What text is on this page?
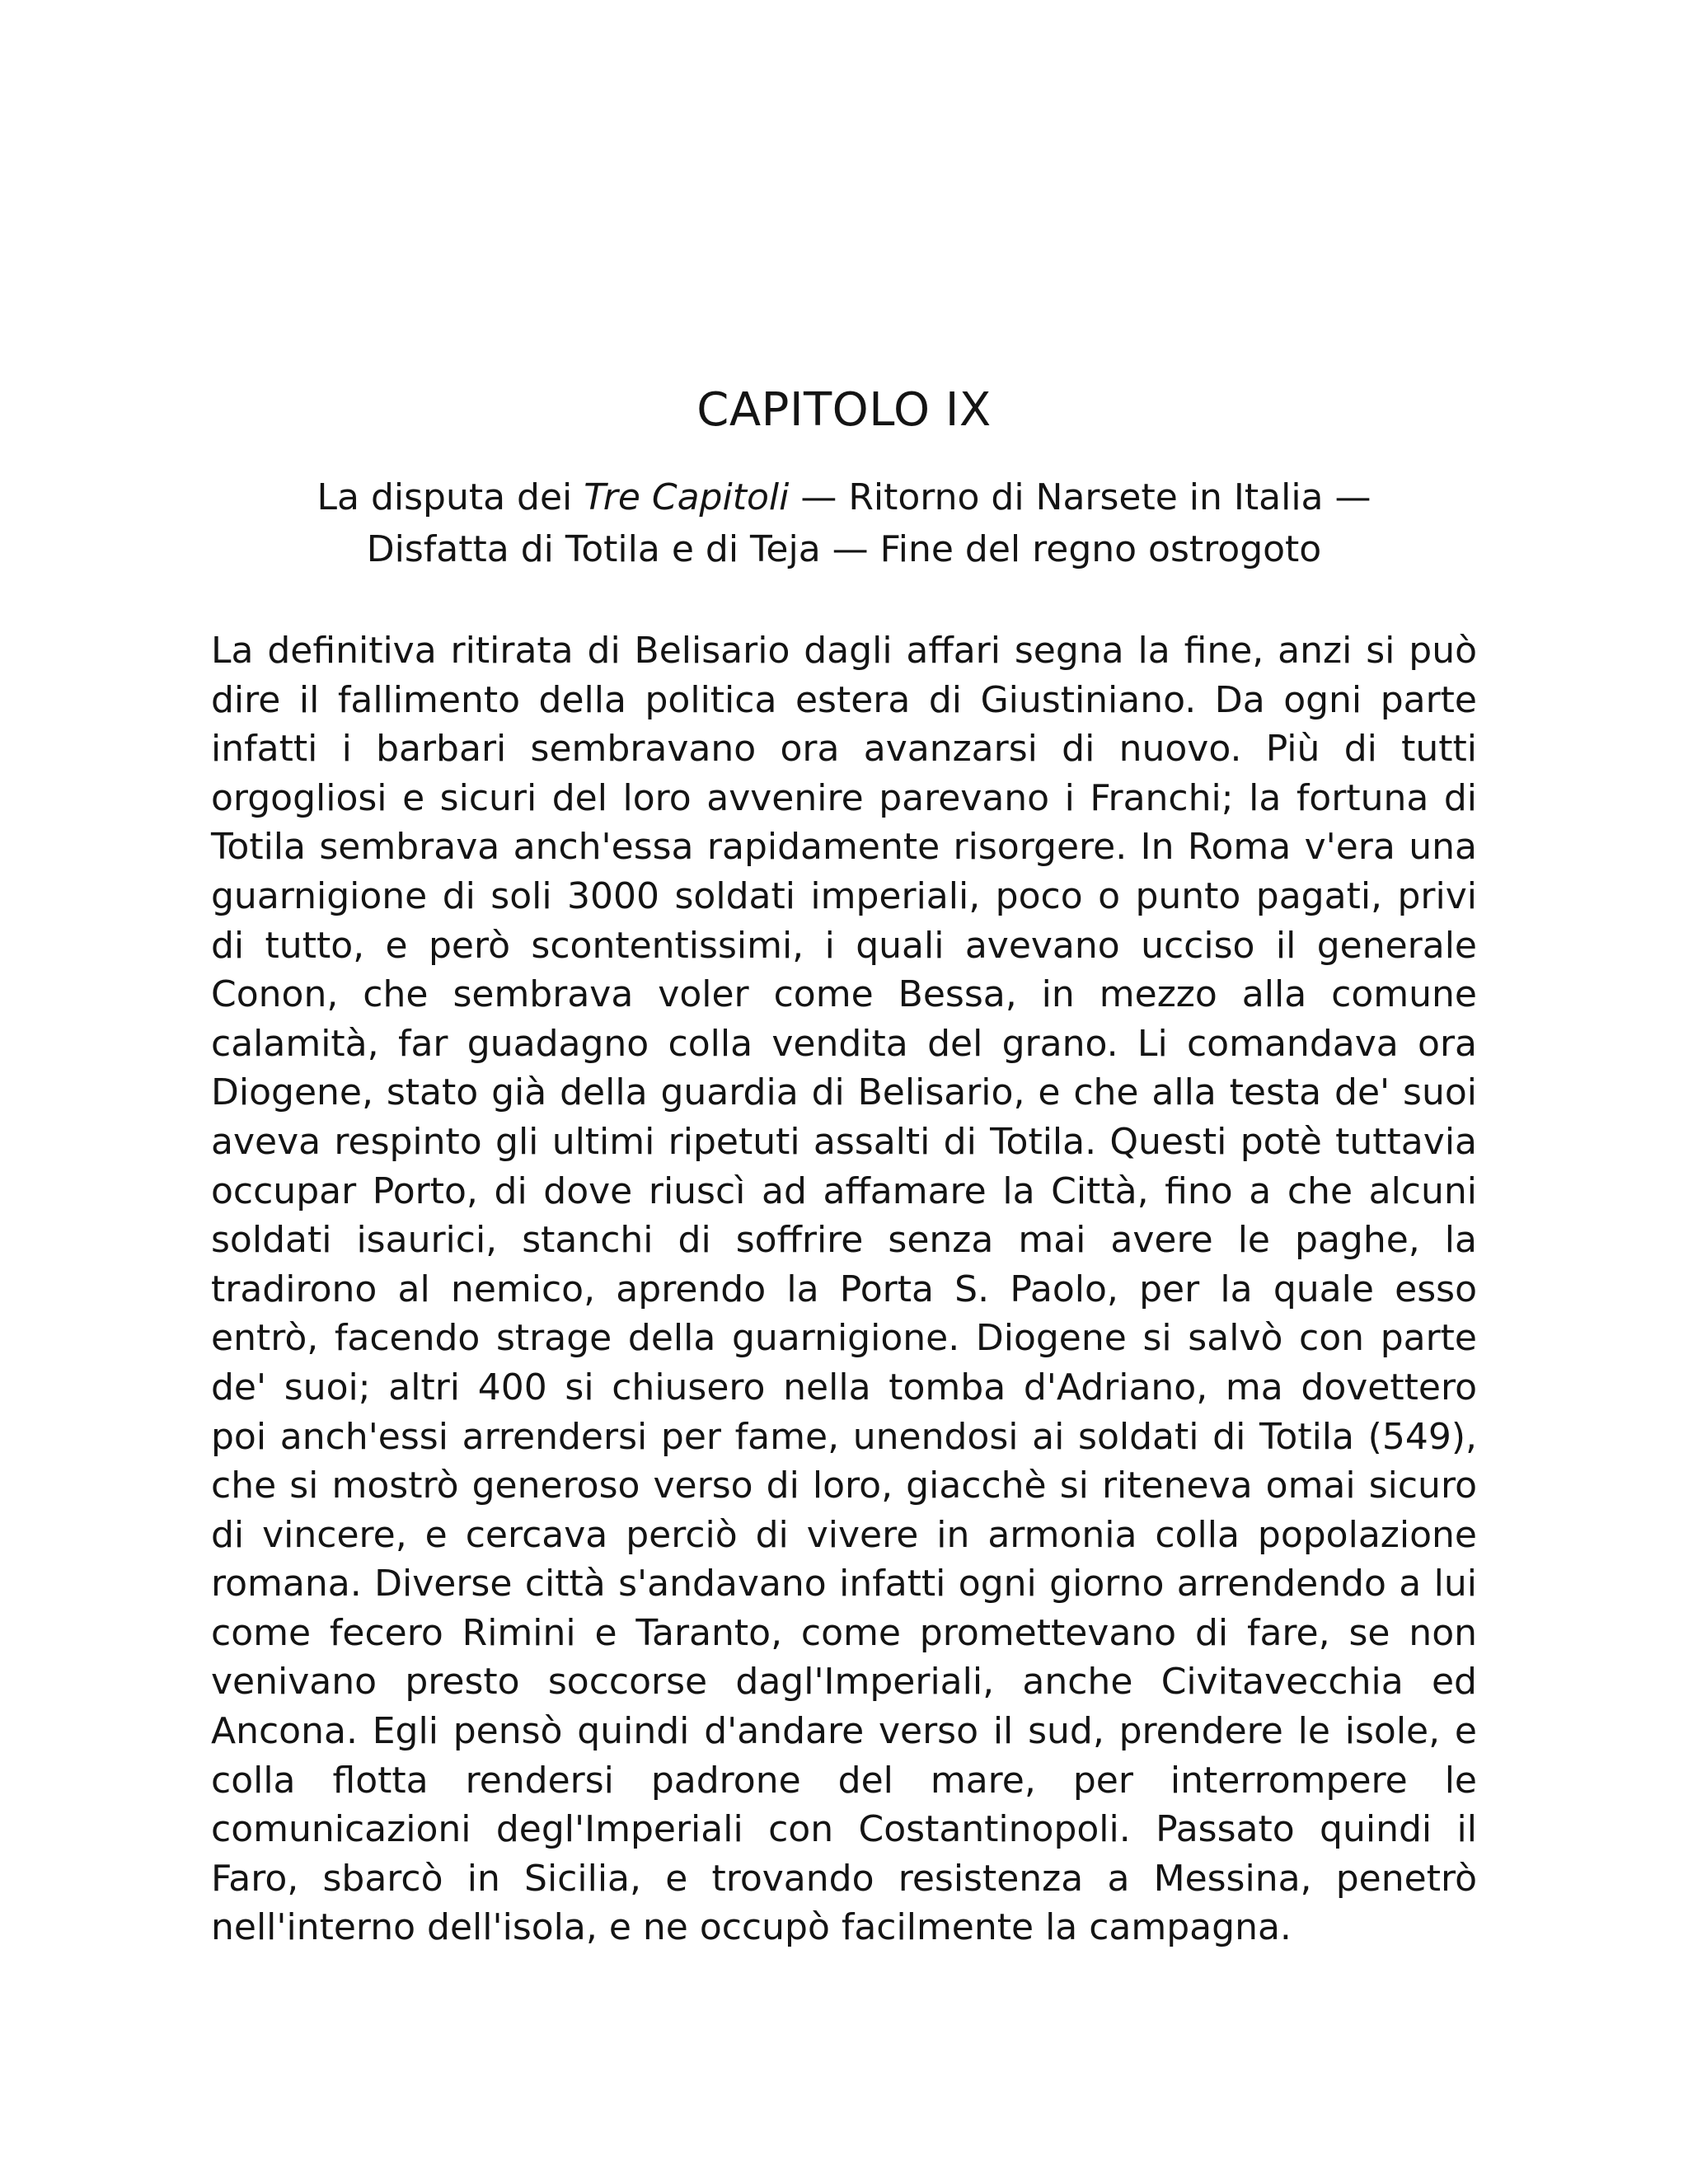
CAPITOLO IX
La disputa dei Tre Capitoli — Ritorno di Narsete in Italia —
Disfatta di Totila e di Teja — Fine del regno ostrogoto
La definitiva ritirata di Belisario dagli affari segna la fine, anzi si può
dire il fallimento della politica estera di Giustiniano. Da ogni parte
infatti i barbari sembravano ora avanzarsi di nuovo. Più di tutti
orgogliosi e sicuri del loro avvenire parevano i Franchi; la fortuna di
Totila sembrava anch'essa rapidamente risorgere. In Roma v'era una
guarnigione di soli 3000 soldati imperiali, poco o punto pagati, privi
di tutto, e però scontentissimi, i quali avevano ucciso il generale
Conon, che sembrava voler come Bessa, in mezzo alla comune
calamità, far guadagno colla vendita del grano. Li comandava ora
Diogene, stato già della guardia di Belisario, e che alla testa de' suoi
aveva respinto gli ultimi ripetuti assalti di Totila. Questi potè tuttavia
occupar Porto, di dove riuscì ad affamare la Città, fino a che alcuni
soldati isaurici, stanchi di soffrire senza mai avere le paghe, la
tradirono al nemico, aprendo la Porta S. Paolo, per la quale esso
entrò, facendo strage della guarnigione. Diogene si salvò con parte
de' suoi; altri 400 si chiusero nella tomba d'Adriano, ma dovettero
poi anch'essi arrendersi per fame, unendosi ai soldati di Totila (549),
che si mostrò generoso verso di loro, giacchè si riteneva omai sicuro
di vincere, e cercava perciò di vivere in armonia colla popolazione
romana. Diverse città s'andavano infatti ogni giorno arrendendo a lui
come fecero Rimini e Taranto, come promettevano di fare, se non
venivano presto soccorse dagl'Imperiali, anche Civitavecchia ed
Ancona. Egli pensò quindi d'andare verso il sud, prendere le isole, e
colla flotta rendersi padrone del mare, per interrompere le
comunicazioni degl'Imperiali con Costantinopoli. Passato quindi il
Faro, sbarcò in Sicilia, e trovando resistenza a Messina, penetrò
nell'interno dell'isola, e ne occupò facilmente la campagna.
